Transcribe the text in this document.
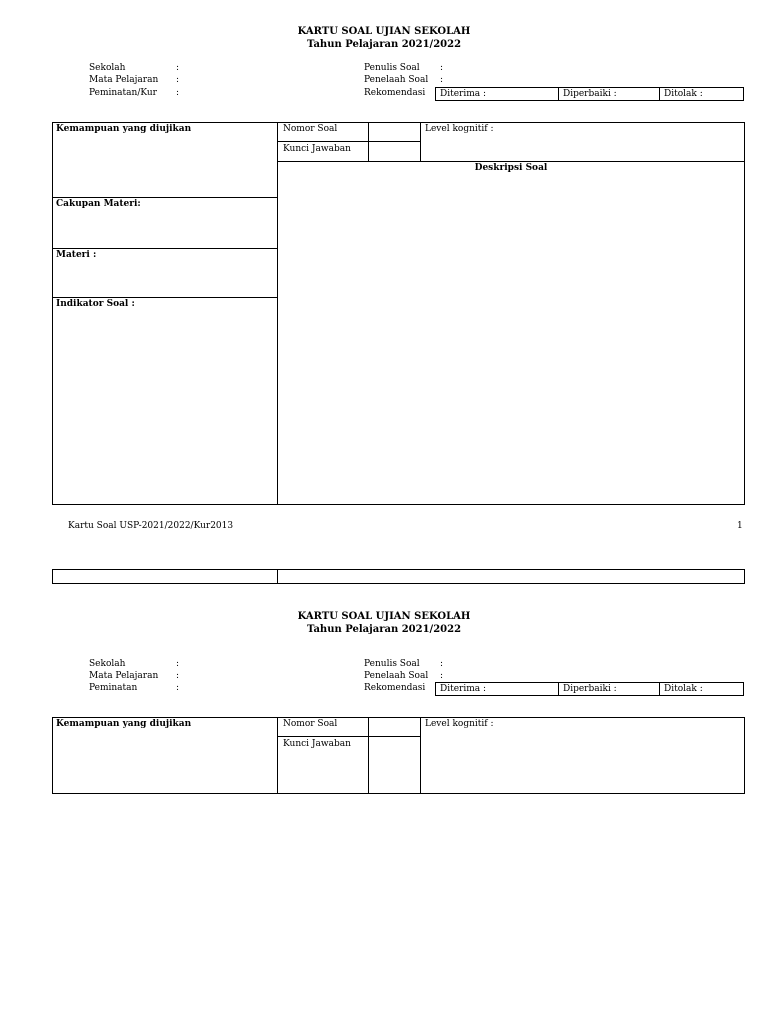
KARTU SOAL UJIAN SEKOLAH
Tahun Pelajaran 2021/2022
Sekolah	:
Mata Pelajaran :
Peminatan/Kur :
Penulis Soal :
Penelaah Soal :
Rekomendasi Diterima :	Diperbaiki :	Ditolak :
Kemampuan yang diujikan	Nomor Soal
Kunci Jawaban
Level kognitif :
Deskripsi Soal
Cakupan Materi:
Materi :
Indikator Soal :
Kartu Soal USP-2021/2022/Kur2013	1
KARTU SOAL UJIAN SEKOLAH
Tahun Pelajaran 2021/2022
Sekolah	:
Mata Pelajaran :
Peminatan	:
Penulis Soal :
Penelaah Soal :
Rekomendasi Diterima :	Diperbaiki :	Ditolak :
Kemampuan yang diujikan	Nomor Soal
Kunci Jawaban
Level kognitif :
